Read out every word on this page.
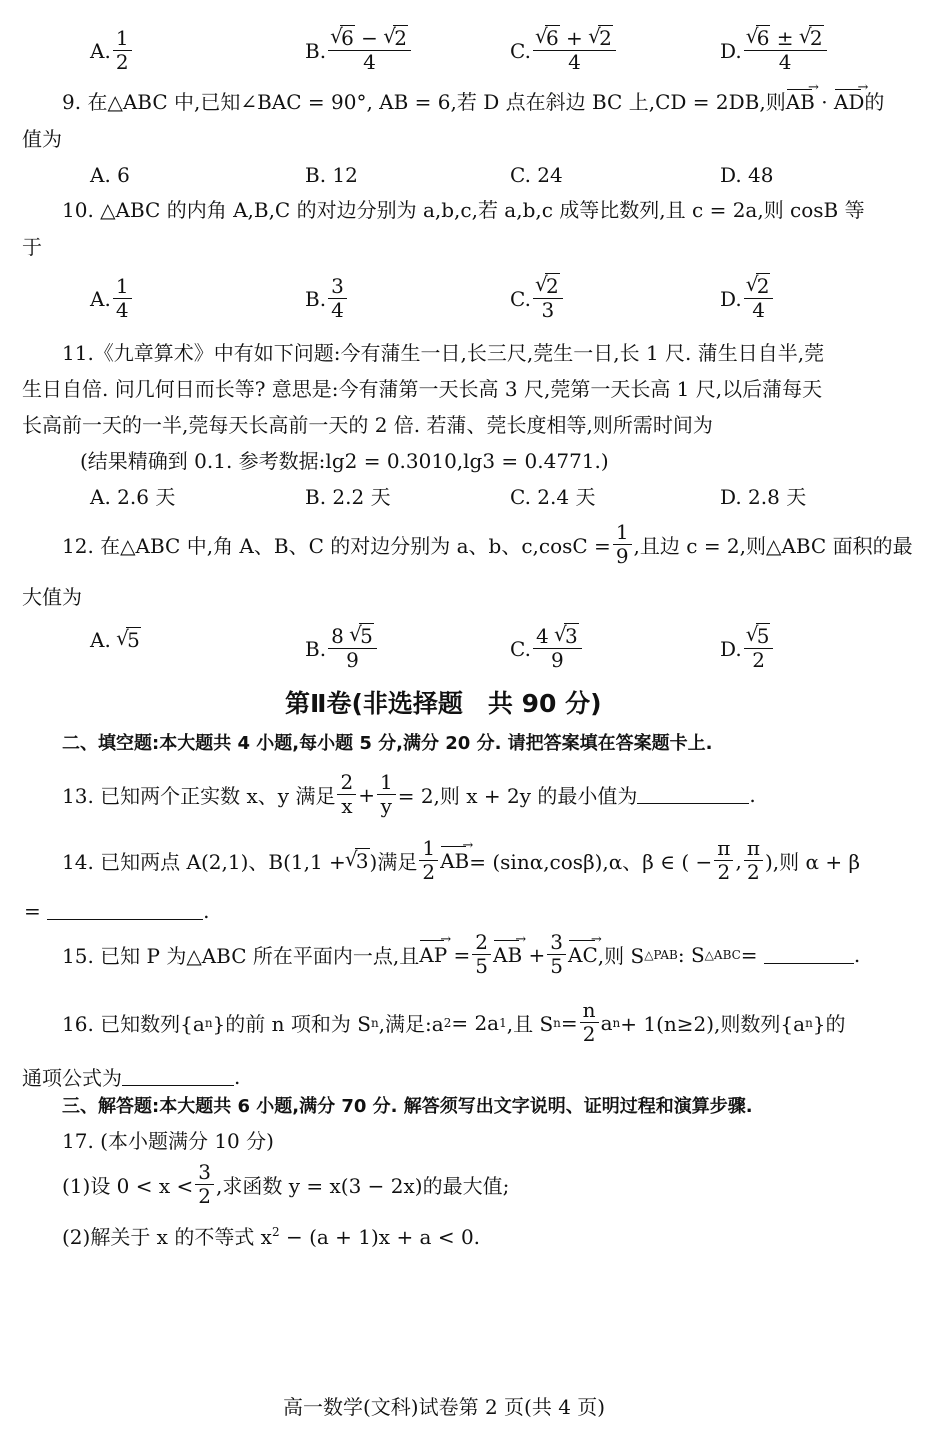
A. $\frac{1}{2}$	B. √ $\frac{6 - √ 2}{4}$	C. √ $\frac{6 + √ 2}{4}$	D. √ $\frac{6 \pm √ 2}{4}$
9. 在△ABC 中,已知∠BAC = 90°, AB = 6,若 D 点在斜边 BC 上,CD = 2DB,则AB → · AD →的
值为
A. 6	B. 12	C. 24	D. 48
10. △ABC 的内角 A,B,C 的对边分别为 a,b,c,若 a,b,c 成等比数列,且 c = 2a,则 cosB 等
于
A. $\frac{1}{4}$	B. $\frac{3}{4}$	C. √ $\frac{2}{3}$	D. √ $\frac{2}{4}$
11.《九章算术》中有如下问题:今有蒲生一日,长三尺,莞生一日,长 1 尺. 蒲生日自半,莞
生日自倍. 问几何日而长等? 意思是:今有蒲第一天长高 3 尺,莞第一天长高 1 尺,以后蒲每天
长高前一天的一半,莞每天长高前一天的 2 倍. 若蒲、莞长度相等,则所需时间为
(结果精确到 0.1. 参考数据:lg2 = 0.3010,lg3 = 0.4771.)
A. 2.6 天	B. 2.2 天	C. 2.4 天	D. 2.8 天
12. 在△ABC 中,角 A、B、C 的对边分别为 a、b、$c,\cos C = \frac{1}{9}$ ,且边 c = 2,则△ABC 面积的最
大值为
A.
√ 5	B. $\frac{8 √ 5}{9}$	C. $\frac{4 √ 3}{9}$	D. √ $\frac{5}{2}$
第Ⅱ卷(非选择题　共 90 分)
二、填空题:本大题共 4 小题,每小题 5 分,满分 20 分. 请把答案填在答案题卡上.
13. 已知两个正实数 x、y 满足 $\frac{2}{x} + \frac{1}{y} = 2$,则 x + 2y 的最小值为	.
14. 已知两点 A(2,1)、B(1,1 + √ 3 )满足 $\frac{1}{2}$ AB → = (sinα,cosβ),α、β ∈ ( − $\frac{\pi}{2}$ , $\frac{\pi}{2}$ ),则 α + β
=
	.
15. 已知 P 为△ABC 所在平面内一点,且 AP →
= $\frac{2}{5}$ AB →
+ $\frac{3}{5}$ AC → ,则 S △PAB : S △ABC =
	.
16. 已知数列{a n }的前 n 项和为 S n ,满足:a 2 = 2a 1 ,且 S $n = \frac{n}{2}$ a n + 1(n≥2),则数列{a n }的
通项公式为	.
三、解答题:本大题共 6 小题,满分 70 分. 解答须写出文字说明、证明过程和演算步骤.
17. (本小题满分 10 分)
(1)设 $0 < x < \frac{3}{2}$ ,求函数 y = x(3 − 2x)的最大值;
(2)解关于 x 的不等式 $x^2 - (a + 1)x + a < 0$.
高一数学(文科)试卷第 2 页(共 4 页)
